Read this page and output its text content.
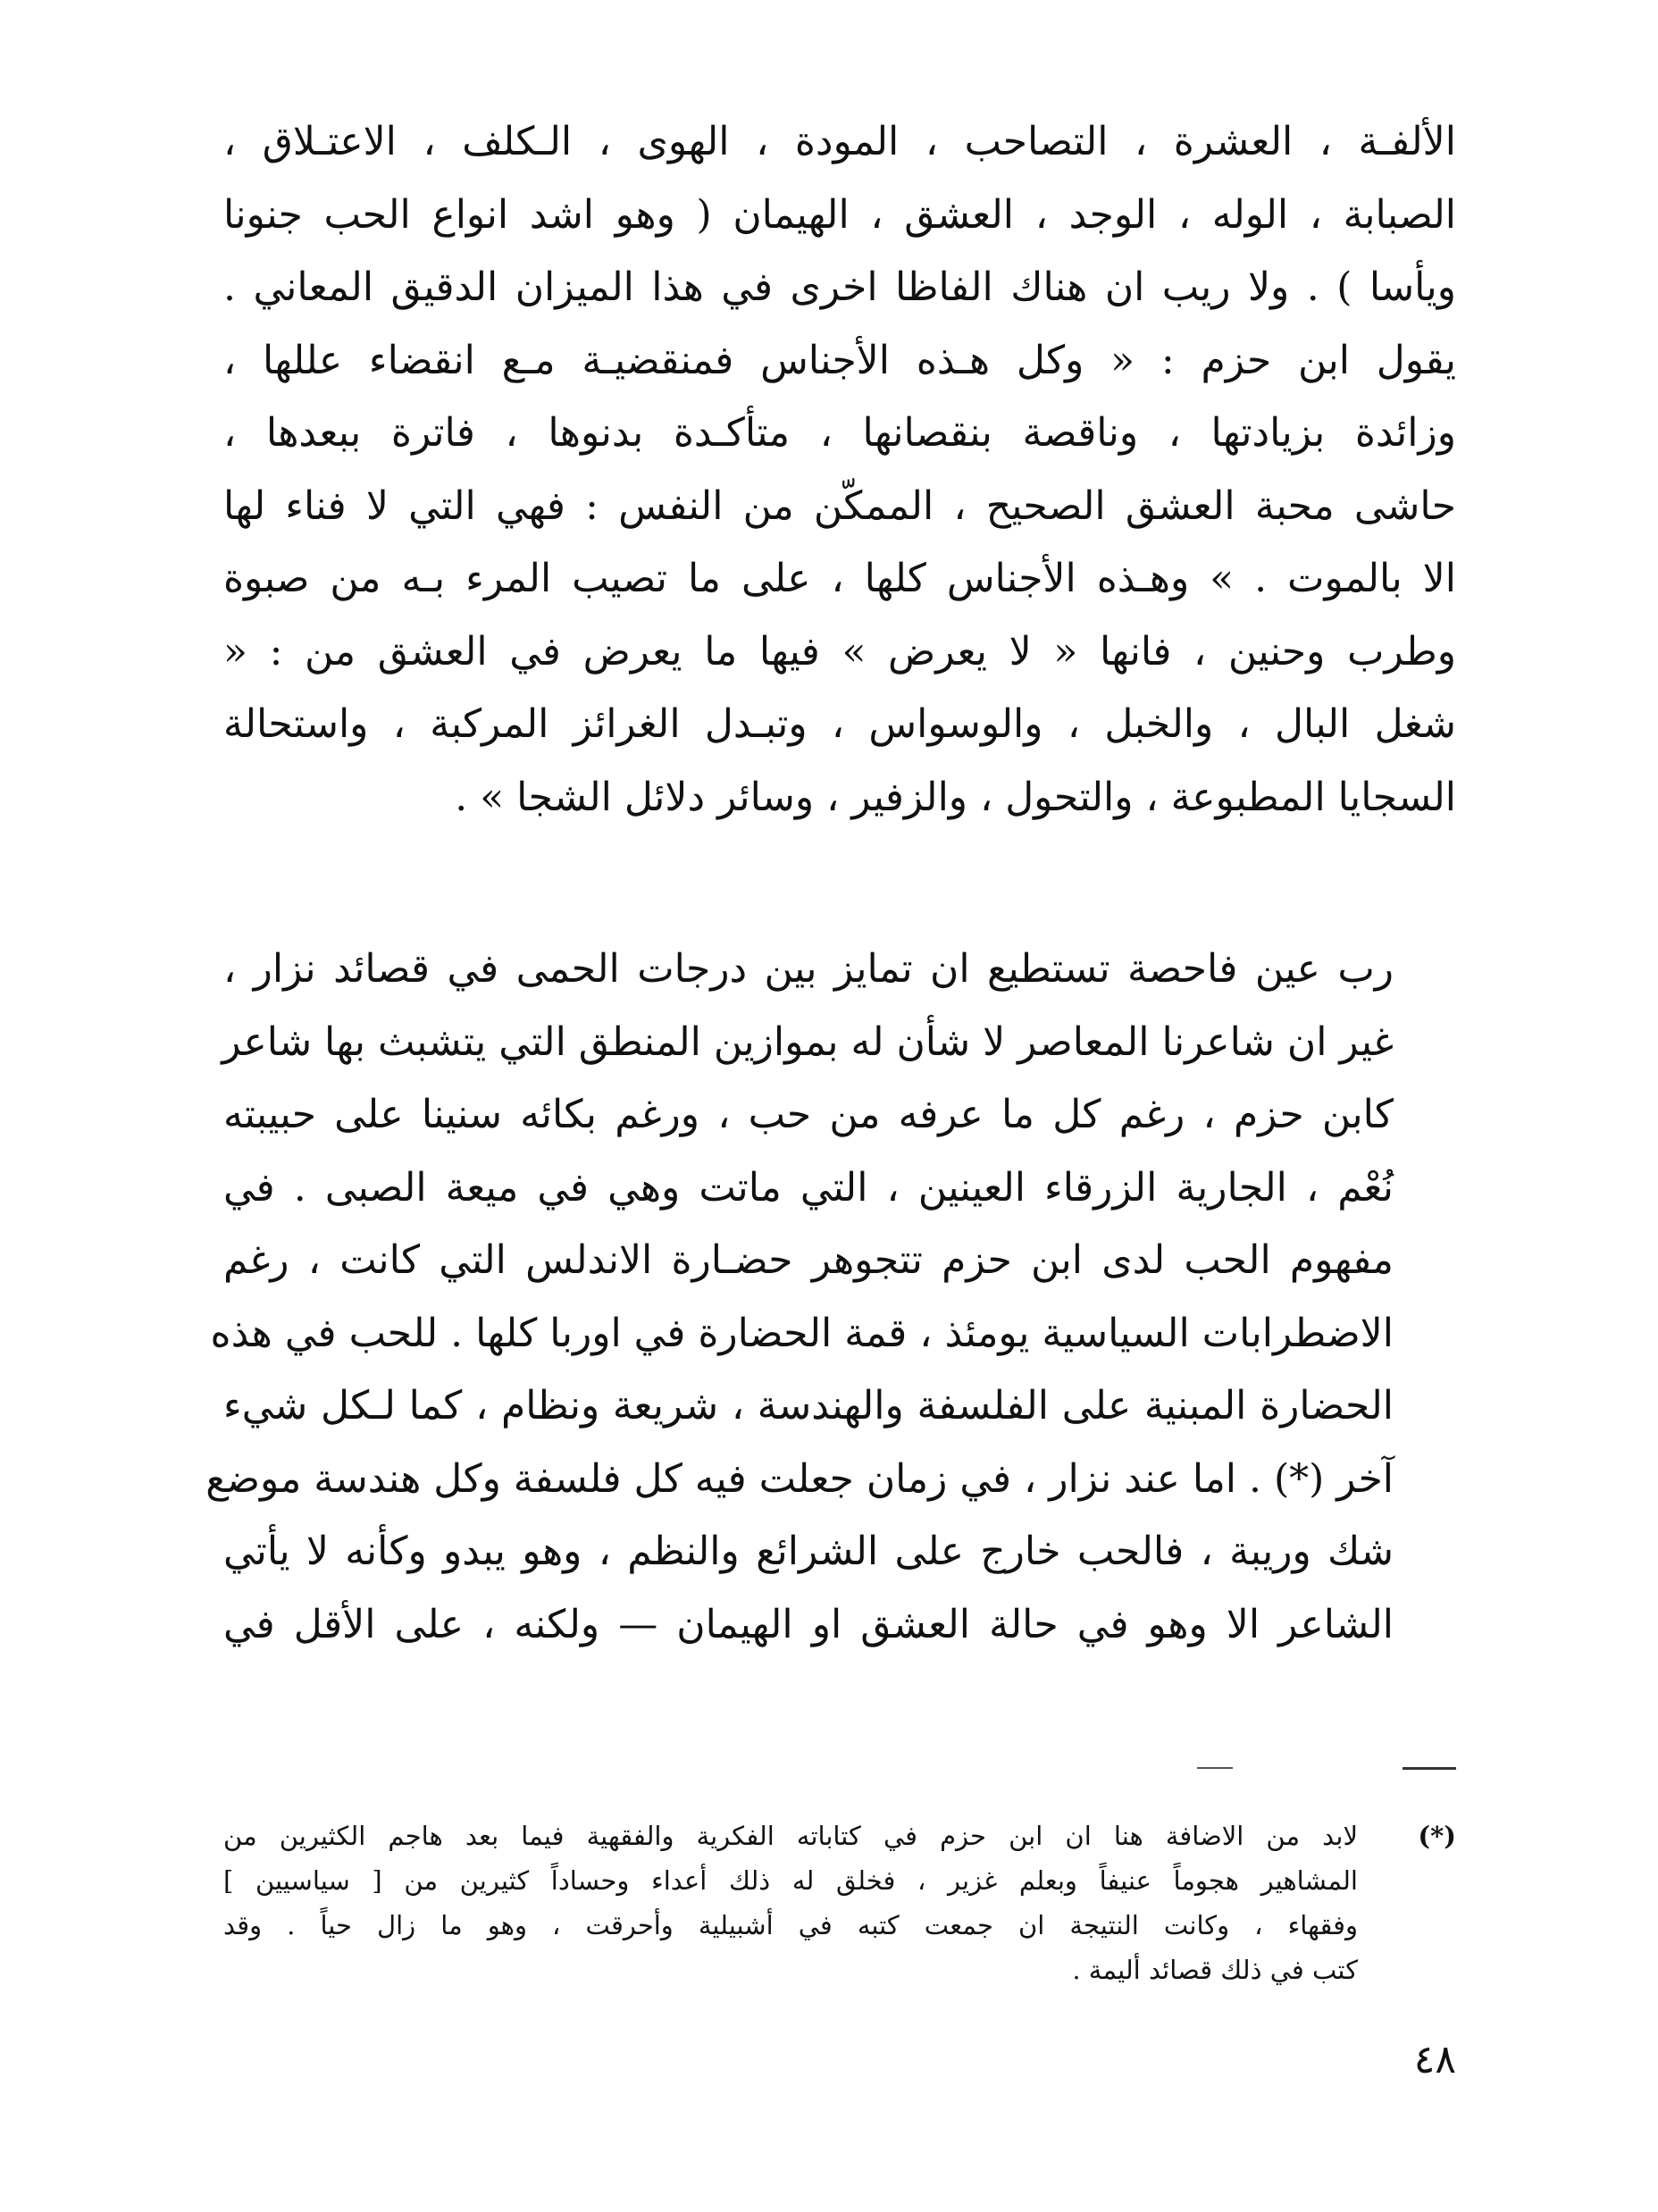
الألفـة ، العشرة ، التصاحب ، المودة ، الهوى ، الـكلف ، الاعتـلاق ،
الصبابة ، الوله ، الوجد ، العشق ، الهيمان ( وهو اشد انواع الحب جنونا
ويأسا ) . ولا ريب ان هناك الفاظا اخرى في هذا الميزان الدقيق المعاني .
يقول ابن حزم : « وكل هـذه الأجناس فمنقضيـة مـع انقضاء عللها ،
وزائدة بزيادتها ، وناقصة بنقصانها ، متأكـدة بدنوها ، فاترة ببعدها ،
حاشى محبة العشق الصحيح ، الممكّن من النفس : فهي التي لا فناء لها
الا بالموت . » وهـذه الأجناس كلها ، على ما تصيب المرء بـه من صبوة
وطرب وحنين ، فانها « لا يعرض » فيها ما يعرض في العشق من : «
شغل البال ، والخبل ، والوسواس ، وتبـدل الغرائز المركبة ، واستحالة
السجايا المطبوعة ، والتحول ، والزفير ، وسائر دلائل الشجا » .
رب عين فاحصة تستطيع ان تمايز بين درجات الحمى في قصائد نزار ،
غير ان شاعرنا المعاصر لا شأن له بموازين المنطق التي يتشبث بها شاعر
كابن حزم ، رغم كل ما عرفه من حب ، ورغم بكائه سنينا على حبيبته
نُعْم ، الجارية الزرقاء العينين ، التي ماتت وهي في ميعة الصبى . في
مفهوم الحب لدى ابن حزم تتجوهر حضـارة الاندلس التي كانت ، رغم
الاضطرابات السياسية يومئذ ، قمة الحضارة في اوربا كلها . للحب في هذه
الحضارة المبنية على الفلسفة والهندسة ، شريعة ونظام ، كما لـكل شيء
آخر (*) . اما عند نزار ، في زمان جعلت فيه كل فلسفة وكل هندسة موضع
شك وريبة ، فالحب خارج على الشرائع والنظم ، وهو يبدو وكأنه لا يأتي
الشاعر الا وهو في حالة العشق او الهيمان — ولكنه ، على الأقل في
(*)
لابد من الاضافة هنا ان ابن حزم في كتاباته الفكرية والفقهية فيما بعد هاجم الكثيرين من
المشاهير هجوماً عنيفاً وبعلم غزير ، فخلق له ذلك أعداء وحساداً كثيرين من [ سياسيين ]
وفقهاء ، وكانت النتيجة ان جمعت كتبه في أشبيلية وأحرقت ، وهو ما زال حياً . وقد
كتب في ذلك قصائد أليمة .
٤٨
